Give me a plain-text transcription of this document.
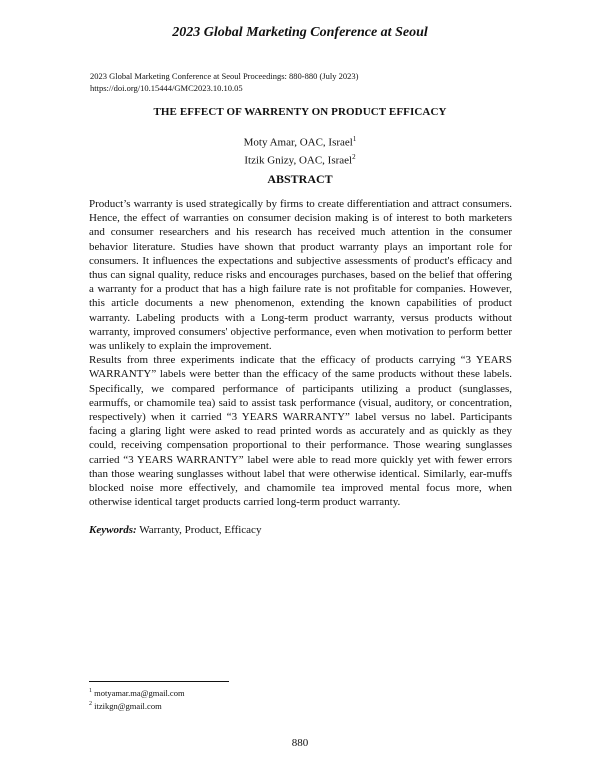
2023 Global Marketing Conference at Seoul
2023 Global Marketing Conference at Seoul Proceedings: 880-880 (July 2023)
https://doi.org/10.15444/GMC2023.10.10.05
THE EFFECT OF WARRENTY ON PRODUCT EFFICACY
Moty Amar, OAC, Israel$^1$
Itzik Gnizy, OAC, Israel$^2$
ABSTRACT

Product’s warranty is used strategically by firms to create differentiation and attract consumers. Hence, the effect of warranties on consumer decision making is of interest to both marketers and consumer researchers and his research has received much attention in the consumer behavior literature. Studies have shown that product warranty plays an important role for consumers. It influences the expectations and subjective assessments of product's efficacy and thus can signal quality, reduce risks and encourages purchases, based on the belief that offering a warranty for a product that has a high failure rate is not profitable for companies. However, this article documents a new phenomenon, extending the known capabilities of product warranty. Labeling products with a Long-term product warranty, versus products without warranty, improved consumers' objective performance, even when motivation to perform better was unlikely to explain the improvement.

Results from three experiments indicate that the efficacy of products carrying “3 YEARS WARRANTY” labels were better than the efficacy of the same products without these labels. Specifically, we compared performance of participants utilizing a product (sunglasses, earmuffs, or chamomile tea) said to assist task performance (visual, auditory, or concentration, respectively) when it carried “3 YEARS WARRANTY” label versus no label. Participants facing a glaring light were asked to read printed words as accurately and as quickly as they could, receiving compensation proportional to their performance. Those wearing sunglasses carried “3 YEARS WARRANTY” label were able to read more quickly yet with fewer errors than those wearing sunglasses without label that were otherwise identical. Similarly, ear-muffs blocked noise more effectively, and chamomile tea improved mental focus more, when otherwise identical target products carried long-term product warranty.

Keywords: Warranty, Product, Efficacy
$^1$ motyamar.ma@gmail.com
$^2$ itzikgn@gmail.com
880
